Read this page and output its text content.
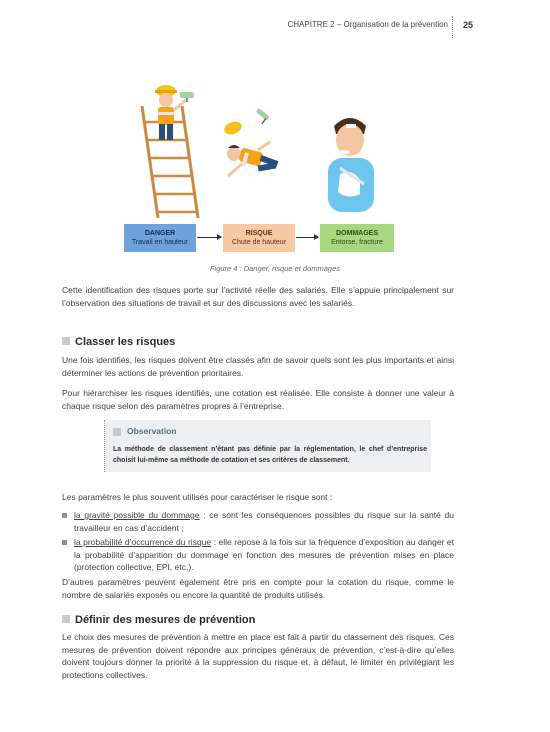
CHAPITRE 2 – Organisation de la prévention 25
DANGER
Travail en hauteur
RISQUE
Chute de hauteur
DOMMAGES
Entorse, fracture
Figure 4 : Danger, risque et dommages

Cette identification des risques porte sur l’activité réelle des salariés. Elle s’appuie principalement sur l’observation des situations de travail et sur des discussions avec les salariés.

Classer les risques

Une fois identifiés, les risques doivent être classés afin de savoir quels sont les plus importants et ainsi déterminer les actions de prévention prioritaires.

Pour hiérarchiser les risques identifiés, une cotation est réalisée. Elle consiste à donner une valeur à chaque risque selon des paramètres propres à l’entreprise.

Observation

La méthode de classement n’étant pas définie par la réglementation, le chef d’entreprise choisit lui-même sa méthode de cotation et ses critères de classement.

Les paramètres le plus souvent utilisés pour caractériser le risque sont :

la gravité possible du dommage : ce sont les conséquences possibles du risque sur la santé du travailleur en cas d’accident ;
la probabilité d’occurrence du risque : elle repose à la fois sur la fréquence d’exposition au danger et la probabilité d’apparition du dommage en fonction des mesures de prévention mises en place (protection collective, EPI, etc.).

D’autres paramètres peuvent également être pris en compte pour la cotation du risque, comme le nombre de salariés exposés ou encore la quantité de produits utilisés.

Définir des mesures de prévention

Le choix des mesures de prévention à mettre en place est fait à partir du classement des risques. Ces mesures de prévention doivent répondre aux principes généraux de prévention, c’est-à-dire qu’elles doivent toujours donner la priorité à la suppression du risque et, à défaut, le limiter en privilégiant les protections collectives.
